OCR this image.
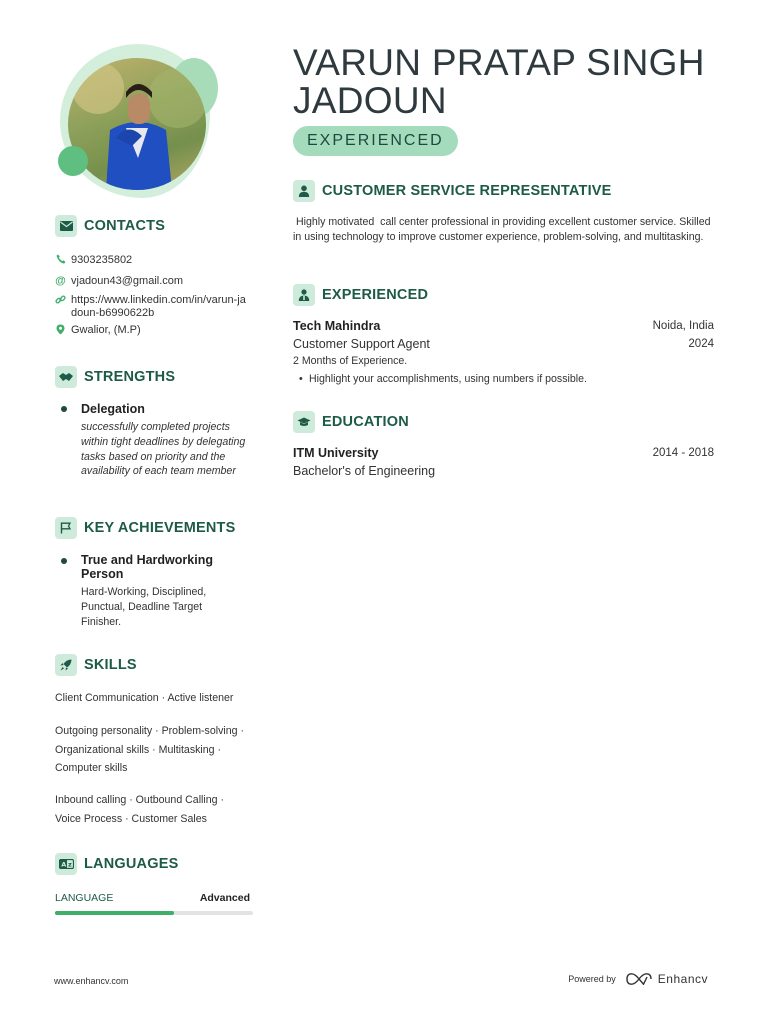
VARUN PRATAP SINGH JADOUN
EXPERIENCED
CONTACTS
9303235802
@ vjadoun43@gmail.com
https://www.linkedin.com/in/varun-jadoun-b6990622b
Gwalior, (M.P)
STRENGTHS
Delegation
successfully completed projects within tight deadlines by delegating tasks based on priority and the availability of each team member
KEY ACHIEVEMENTS
True and Hardworking Person
Hard-Working, Disciplined, Punctual, Deadline Target Finisher.
SKILLS
Client Communication · Active listener
Outgoing personality · Problem-solving · Organizational skills · Multitasking · Computer skills
Inbound calling · Outbound Calling · Voice Process · Customer Sales
A z LANGUAGES
LANGUAGE	Advanced
CUSTOMER SERVICE REPRESENTATIVE
Highly motivated  call center professional in providing excellent customer service. Skilled in using technology to improve customer experience, problem-solving, and multitasking.
EXPERIENCED
Tech Mahindra	Noida, India
Customer Support Agent	2024
2 Months of Experience.
• Highlight your accomplishments, using numbers if possible.
EDUCATION
ITM University	2014 - 2018
Bachelor's of Engineering
www.enhancv.com	Powered by	Enhancv
